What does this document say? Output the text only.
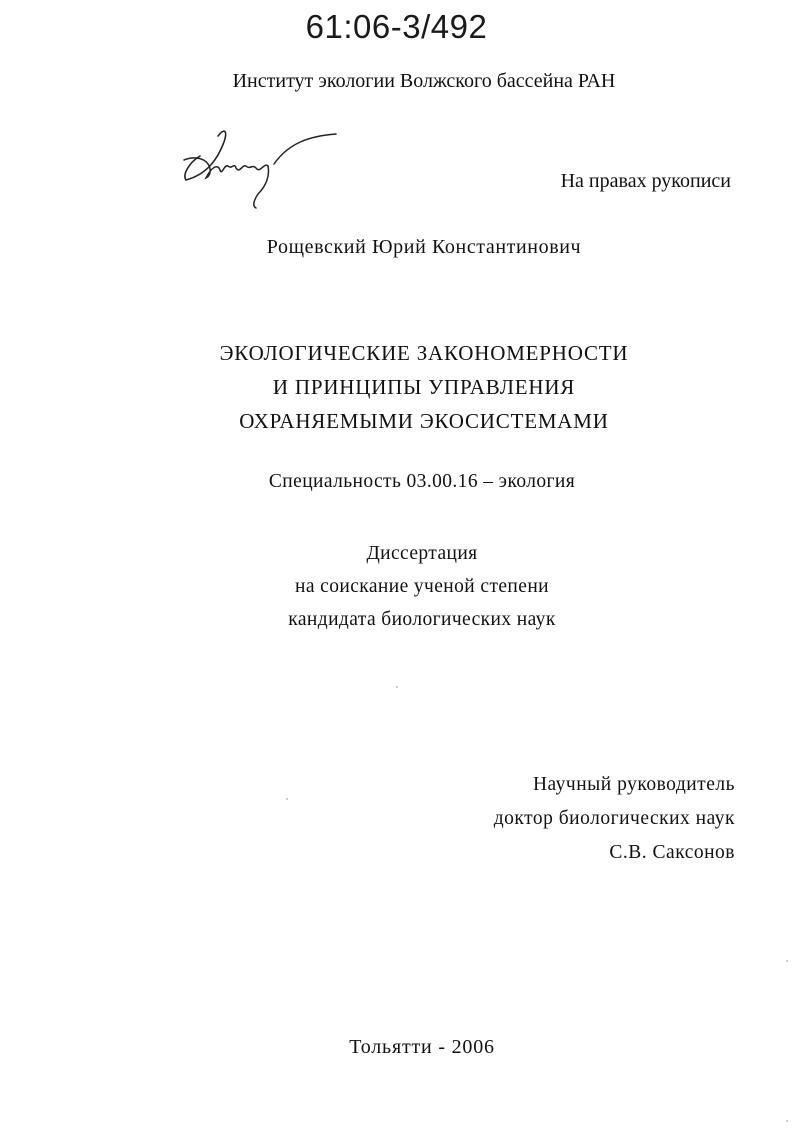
61:06-3/492
Институт экологии Волжского бассейна РАН
На правах рукописи
Рощевский Юрий Константинович
ЭКОЛОГИЧЕСКИЕ ЗАКОНОМЕРНОСТИ
И ПРИНЦИПЫ УПРАВЛЕНИЯ
ОХРАНЯЕМЫМИ ЭКОСИСТЕМАМИ
Специальность 03.00.16 – экология
Диссертация
на соискание ученой степени
кандидата биологических наук
Научный руководитель
доктор биологических наук
С.В. Саксонов
Тольятти - 2006
